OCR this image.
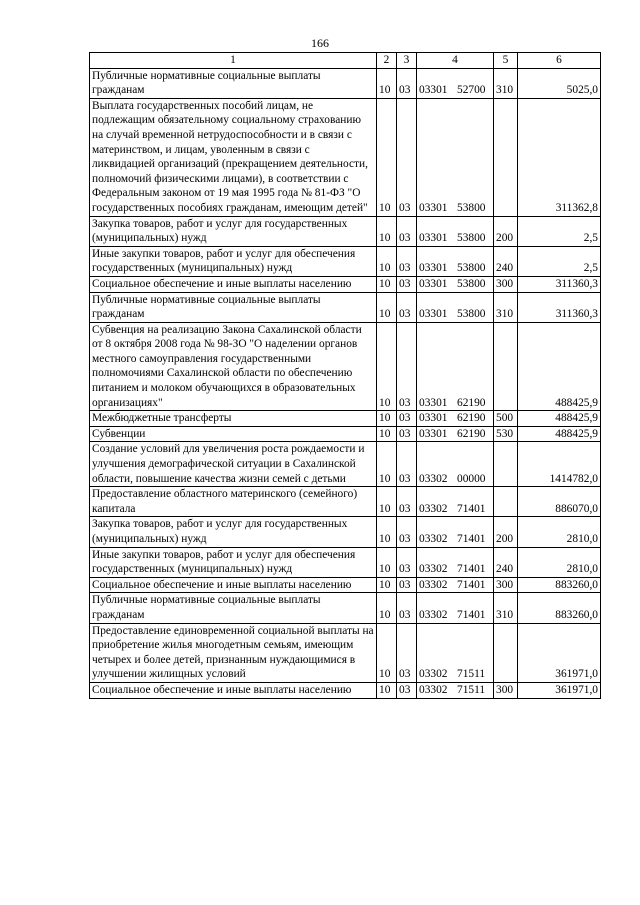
166
1	2	3	4	5	6
Публичные нормативные социальные выплаты гражданам	10	03	03301 52700	310	5025,0
Выплата государственных пособий лицам, не подлежащим обязательному социальному страхованию на случай временной нетрудоспособности и в связи с материнством, и лицам, уволенным в связи с ликвидацией организаций (прекращением деятельности, полномочий физическими лицами), в соответствии с Федеральным законом от 19 мая 1995 года № 81-ФЗ "О государственных пособиях гражданам, имеющим детей"	10	03	03301 53800		311362,8
Закупка товаров, работ и услуг для государственных (муниципальных) нужд	10	03	03301 53800	200	2,5
Иные закупки товаров, работ и услуг для обеспечения государственных (муниципальных) нужд	10	03	03301 53800	240	2,5
Социальное обеспечение и иные выплаты населению	10	03	03301 53800	300	311360,3
Публичные нормативные социальные выплаты гражданам	10	03	03301 53800	310	311360,3
Субвенция на реализацию Закона Сахалинской области от 8 октября 2008 года № 98-ЗО "О наделении органов местного самоуправления государственными полномочиями Сахалинской области по обеспечению питанием и молоком обучающихся в образовательных организациях"	10	03	03301 62190		488425,9
Межбюджетные трансферты	10	03	03301 62190	500	488425,9
Субвенции	10	03	03301 62190	530	488425,9
Создание условий для увеличения роста рождаемости и улучшения демографической ситуации в Сахалинской области, повышение качества жизни семей с детьми	10	03	03302 00000		1414782,0
Предоставление областного материнского (семейного) капитала	10	03	03302 71401		886070,0
Закупка товаров, работ и услуг для государственных (муниципальных) нужд	10	03	03302 71401	200	2810,0
Иные закупки товаров, работ и услуг для обеспечения государственных (муниципальных) нужд	10	03	03302 71401	240	2810,0
Социальное обеспечение и иные выплаты населению	10	03	03302 71401	300	883260,0
Публичные нормативные социальные выплаты гражданам	10	03	03302 71401	310	883260,0
Предоставление единовременной социальной выплаты на приобретение жилья многодетным семьям, имеющим четырех и более детей, признанным нуждающимися в улучшении жилищных условий	10	03	03302 71511		361971,0
Социальное обеспечение и иные выплаты населению	10	03	03302 71511	300	361971,0
